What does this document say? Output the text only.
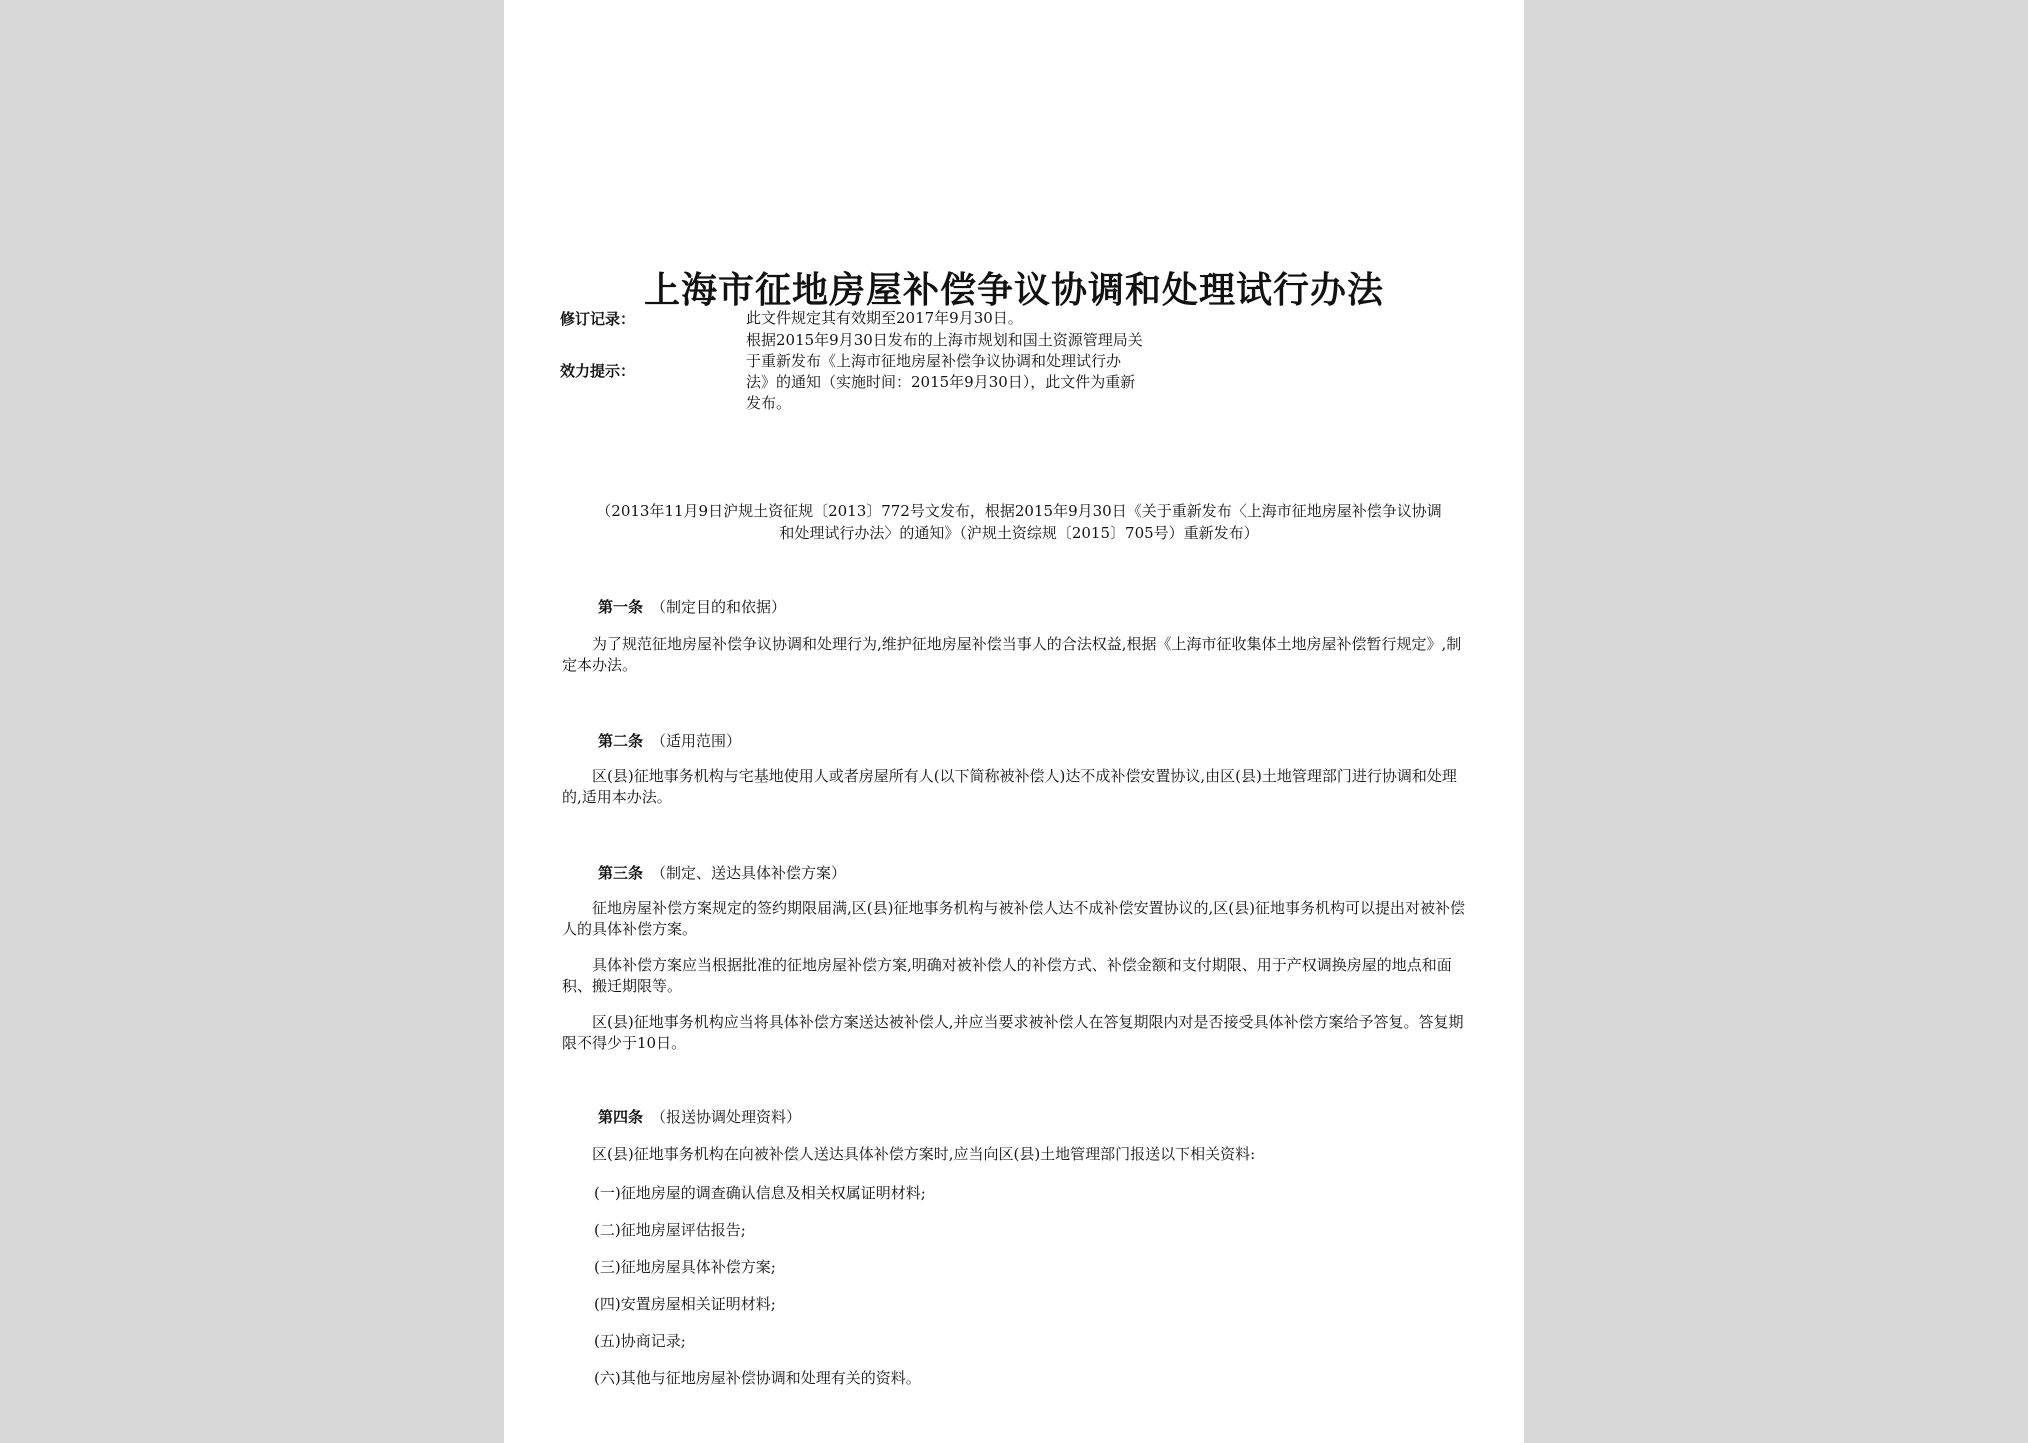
上海市征地房屋补偿争议协调和处理试行办法
修订记录：	此文件规定其有效期至2017年9月30日。
效力提示：
根据2015年9月30日发布的上海市规划和国土资源管理局关
于重新发布《上海市征地房屋补偿争议协调和处理试行办
法》的通知（实施时间：2015年9月30日），此文件为重新
发布。
（2013年11月9日沪规土资征规〔2013〕772号文发布，根据2015年9月30日《关于重新发布〈上海市征地房屋补偿争议协调
和处理试行办法〉的通知》（沪规土资综规〔2015〕705号）重新发布）

第一条 （制定目的和依据）

为了规范征地房屋补偿争议协调和处理行为,维护征地房屋补偿当事人的合法权益,根据《上海市征收集体土地房屋补偿暂行规定》,制定本办法。

第二条 （适用范围）

区(县)征地事务机构与宅基地使用人或者房屋所有人(以下简称被补偿人)达不成补偿安置协议,由区(县)土地管理部门进行协调和处理的,适用本办法。

第三条 （制定、送达具体补偿方案）

征地房屋补偿方案规定的签约期限届满,区(县)征地事务机构与被补偿人达不成补偿安置协议的,区(县)征地事务机构可以提出对被补偿人的具体补偿方案。

具体补偿方案应当根据批准的征地房屋补偿方案,明确对被补偿人的补偿方式、补偿金额和支付期限、用于产权调换房屋的地点和面积、搬迁期限等。

区(县)征地事务机构应当将具体补偿方案送达被补偿人,并应当要求被补偿人在答复期限内对是否接受具体补偿方案给予答复。答复期限不得少于10日。

第四条 （报送协调处理资料）

区(县)征地事务机构在向被补偿人送达具体补偿方案时,应当向区(县)土地管理部门报送以下相关资料:

(一)征地房屋的调查确认信息及相关权属证明材料;

(二)征地房屋评估报告;

(三)征地房屋具体补偿方案;

(四)安置房屋相关证明材料;

(五)协商记录;

(六)其他与征地房屋补偿协调和处理有关的资料。
